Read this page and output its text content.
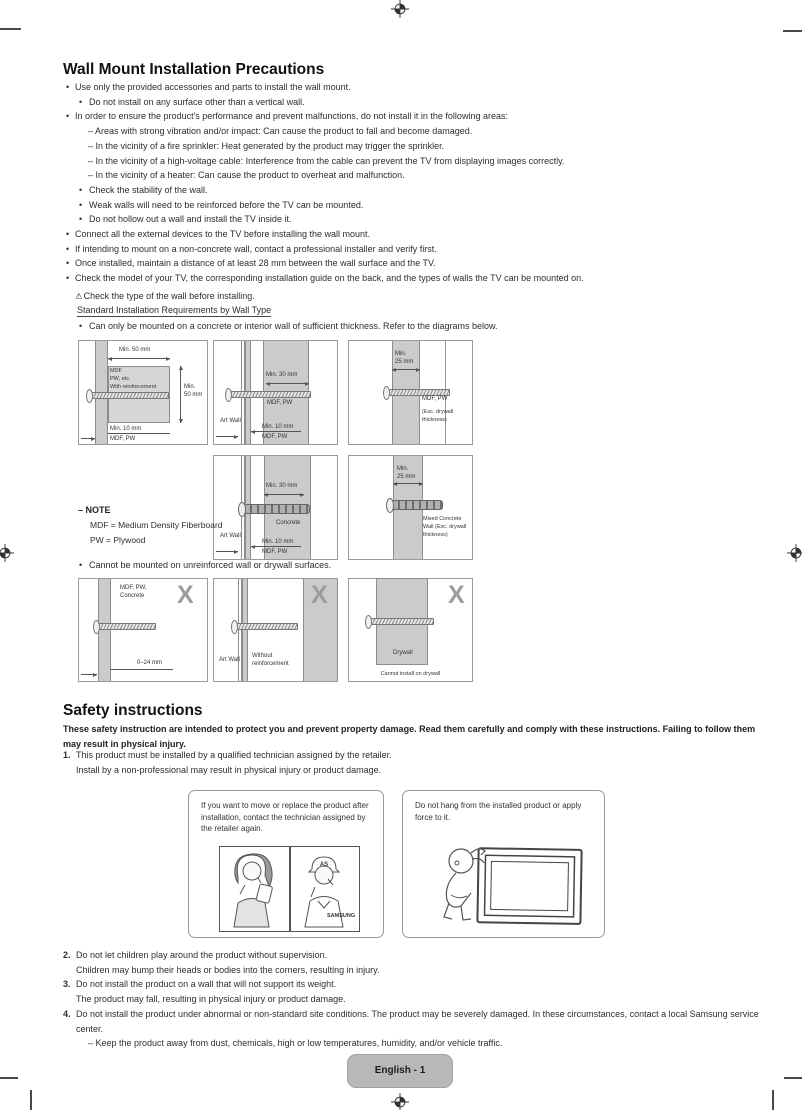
Wall Mount Installation Precautions
• Use only the provided accessories and parts to install the wall mount.
• Do not install on any surface other than a vertical wall.
• In order to ensure the product's performance and prevent malfunctions, do not install it in the following areas:
– Areas with strong vibration and/or impact: Can cause the product to fall and become damaged.
– In the vicinity of a fire sprinkler: Heat generated by the product may trigger the sprinkler.
– In the vicinity of a high-voltage cable: Interference from the cable can prevent the TV from displaying images correctly.
– In the vicinity of a heater: Can cause the product to overheat and malfunction.
• Check the stability of the wall.
• Weak walls will need to be reinforced before the TV can be mounted.
• Do not hollow out a wall and install the TV inside it.
• Connect all the external devices to the TV before installing the wall mount.
• If intending to mount on a non-concrete wall, contact a professional installer and verify first.
• Once installed, maintain a distance of at least 28 mm between the wall surface and the TV.
• Check the model of your TV, the corresponding installation guide on the back, and the types of walls the TV can be mounted on.
⚠Check the type of the wall before installing.
Standard Installation Requirements by Wall Type
• Can only be mounted on a concrete or interior wall of sufficient thickness. Refer to the diagrams below.
MDF
PW, etc.
With reinforcement
Min. 50 mm
Min.
50 mm
Min. 10 mm
MDF, PW
Min. 30 mm
MDF, PW
Art Wall
Min. 10 mm
MDF, PW
Min.
25 mm
MDF, PW
(Exc. drywall
thickness)
Min. 30 mm
Concrete
Art Wall
Min. 10 mm
MDF, PW
Min.
25 mm
Mixed Concrete
Wall (Exc. drywall
thickness)
– NOTE
MDF = Medium Density Fiberboard
PW = Plywood
• Cannot be mounted on unreinforced wall or drywall surfaces.
MDF, PW,
Concrete X
0–24 mm
X
Art Wall
Without
reinforcement
X
Drywall
Cannot install on drywall
Safety instructions
These safety instruction are intended to protect you and prevent property damage. Read them carefully and comply with these instructions. Failing to follow them may result in physical injury.
1. This product must be installed by a qualified technician assigned by the retailer.
Install by a non-professional may result in physical injury or product damage.
If you want to move or replace the product after installation, contact the technician assigned by the retailer again.
AS
SAMSUNG
Do not hang from the installed product or apply force to it.
2. Do not let children play around the product without supervision.
Children may bump their heads or bodies into the corners, resulting in injury.
3. Do not install the product on a wall that will not support its weight.
The product may fall, resulting in physical injury or product damage.
4. Do not install the product under abnormal or non-standard site conditions. The product may be severely damaged. In these circumstances, contact a local Samsung service center.
– Keep the product away from dust, chemicals, high or low temperatures, humidity, and/or vehicle traffic.
English - 1
